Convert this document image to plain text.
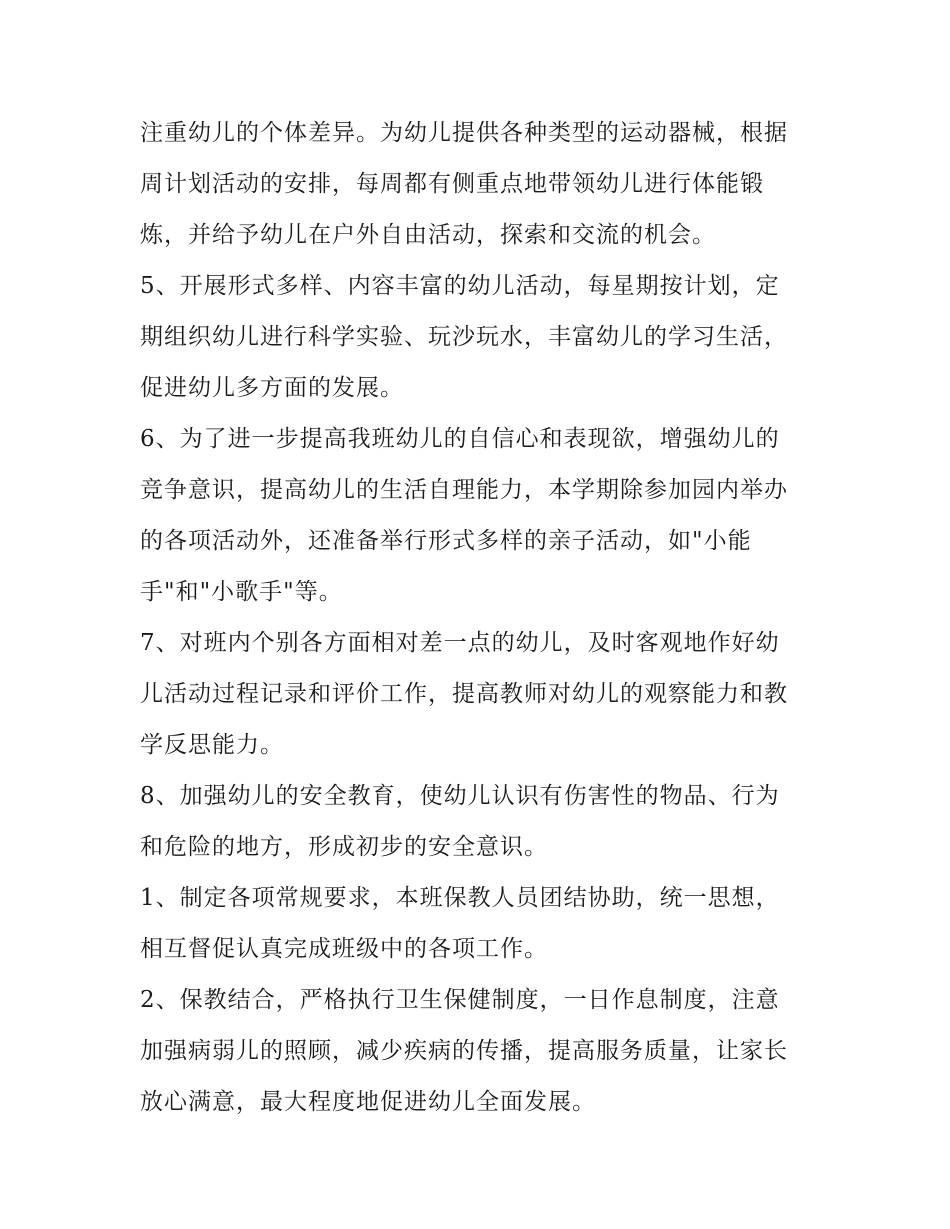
注重幼儿的个体差异。为幼儿提供各种类型的运动器械，根据
周计划活动的安排，每周都有侧重点地带领幼儿进行体能锻
炼，并给予幼儿在户外自由活动，探索和交流的机会。
5、开展形式多样、内容丰富的幼儿活动，每星期按计划，定
期组织幼儿进行科学实验、玩沙玩水，丰富幼儿的学习生活，
促进幼儿多方面的发展。
6、为了进一步提高我班幼儿的自信心和表现欲，增强幼儿的
竞争意识，提高幼儿的生活自理能力，本学期除参加园内举办
的各项活动外，还准备举行形式多样的亲子活动，如"小能
手"和"小歌手"等。
7、对班内个别各方面相对差一点的幼儿，及时客观地作好幼
儿活动过程记录和评价工作，提高教师对幼儿的观察能力和教
学反思能力。
8、加强幼儿的安全教育，使幼儿认识有伤害性的物品、行为
和危险的地方，形成初步的安全意识。
1、制定各项常规要求，本班保教人员团结协助，统一思想，
相互督促认真完成班级中的各项工作。
2、保教结合，严格执行卫生保健制度，一日作息制度，注意
加强病弱儿的照顾，减少疾病的传播，提高服务质量，让家长
放心满意，最大程度地促进幼儿全面发展。
